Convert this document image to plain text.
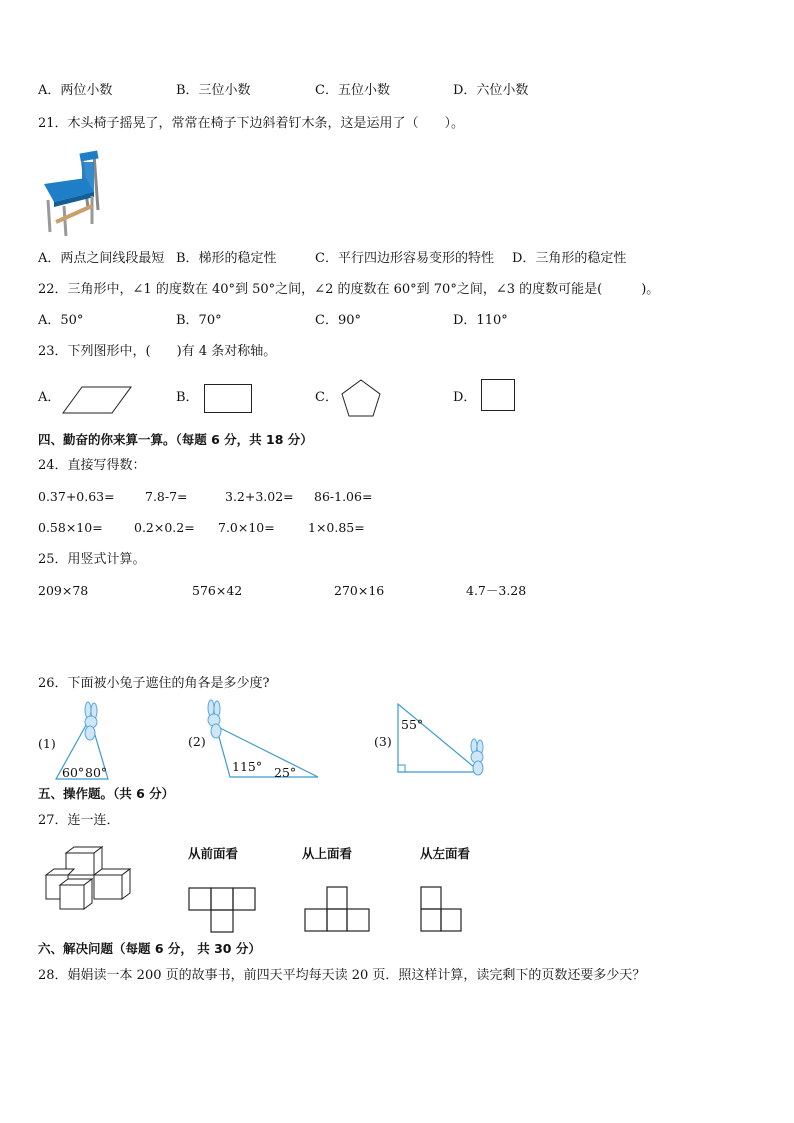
A．两位小数	B．三位小数	C．五位小数	D．六位小数
21．木头椅子摇晃了，常常在椅子下边斜着钉木条，这是运用了（　　）。
A．两点之间线段最短 B．梯形的稳定性	C．平行四边形容易变形的特性 D．三角形的稳定性
22．三角形中，∠1 的度数在 40°到 50°之间，∠2 的度数在 60°到 70°之间，∠3 的度数可能是(　　　)。
A．50°	B．70°	C．90°	D．110°
23．下列图形中，(　　)有 4 条对称轴。
A．	B．	C．	D．
四、勤奋的你来算一算。（每题 6 分，共 18 分）
24．直接写得数：
0.37+0.63= 7.8-7=	3.2+3.02= 86-1.06=
0.58×10=	0.2×0.2= 7.0×10=	1×0.85=
25．用竖式计算。
209×78	576×42	270×16	4.7－3.28
26．下面被小兔子遮住的角各是多少度?
(1)
60° 80°
(2)
115° 25°
(3)
55°
五、操作题。（共 6 分）
27．连一连．
从前面看	从上面看	从左面看
六、解决问题（每题 6 分， 共 30 分）
28．娟娟读一本 200 页的故事书，前四天平均每天读 20 页．照这样计算，读完剩下的页数还要多少天？
